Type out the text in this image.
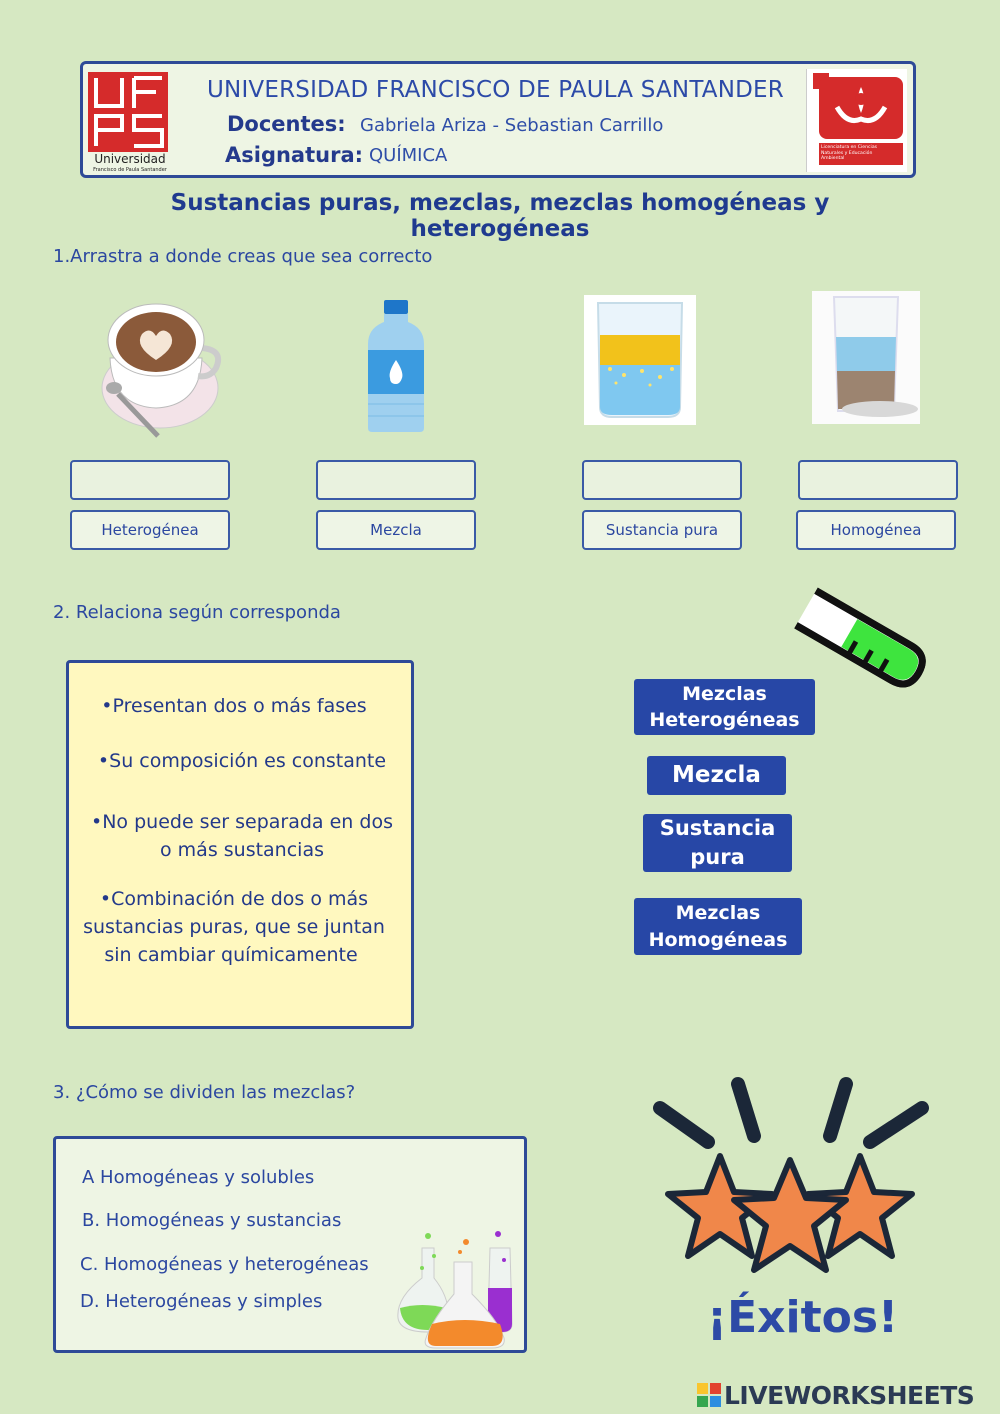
Universidad
Francisco de Paula Santander
UNIVERSIDAD FRANCISCO DE PAULA SANTANDER
Docentes: Gabriela Ariza - Sebastian Carrillo
Asignatura: QUÍMICA	Licenciatura en Ciencias Naturales y Educación Ambiental
Sustancias puras, mezclas, mezclas homogéneas y
heterogéneas
1.Arrastra a donde creas que sea correcto
Heterogénea	Mezcla	Sustancia pura	Homogénea
2. Relaciona según corresponda
•Presentan dos o más fases
•Su composición es constante
•No puede ser separada en dos
o más sustancias
•Combinación de dos o más
sustancias puras, que se juntan
sin cambiar químicamente
Mezclas
Heterogéneas
Mezcla
Sustancia
pura
Mezclas
Homogéneas
3. ¿Cómo se dividen las mezclas?
A Homogéneas y solubles
B. Homogéneas y sustancias
C. Homogéneas y heterogéneas
D. Heterogéneas y simples	¡Éxitos!
LIVEWORKSHEETS
